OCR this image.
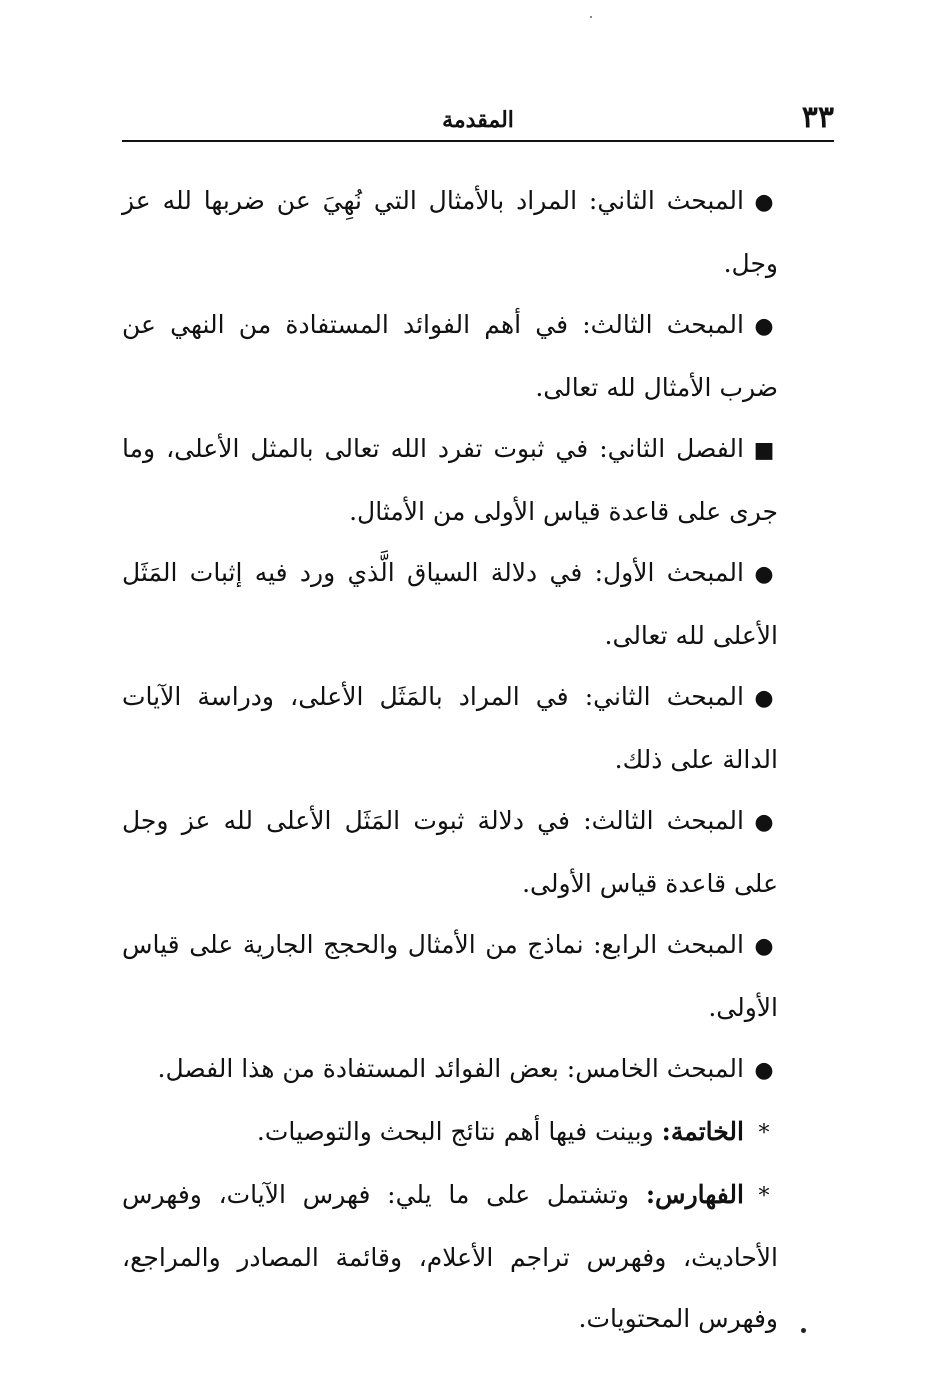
٣٣
المقدمة

●المبحث الثاني: المراد بالأمثال التي نُهِيَ عن ضربها لله عز وجل.

●المبحث الثالث: في أهم الفوائد المستفادة من النهي عن ضرب الأمثال لله تعالى.

■الفصل الثاني: في ثبوت تفرد الله تعالى بالمثل الأعلى، وما جرى على قاعدة قياس الأولى من الأمثال.

●المبحث الأول: في دلالة السياق الَّذي ورد فيه إثبات المَثَل الأعلى لله تعالى.

●المبحث الثاني: في المراد بالمَثَل الأعلى، ودراسة الآيات الدالة على ذلك.

●المبحث الثالث: في دلالة ثبوت المَثَل الأعلى لله عز وجل على قاعدة قياس الأولى.

●المبحث الرابع: نماذج من الأمثال والحجج الجارية على قياس الأولى.

●المبحث الخامس: بعض الفوائد المستفادة من هذا الفصل.

*الخاتمة: وبينت فيها أهم نتائج البحث والتوصيات.

*الفهارس: وتشتمل على ما يلي: فهرس الآيات، وفهرس الأحاديث، وفهرس تراجم الأعلام، وقائمة المصادر والمراجع، وفهرس المحتويات.
